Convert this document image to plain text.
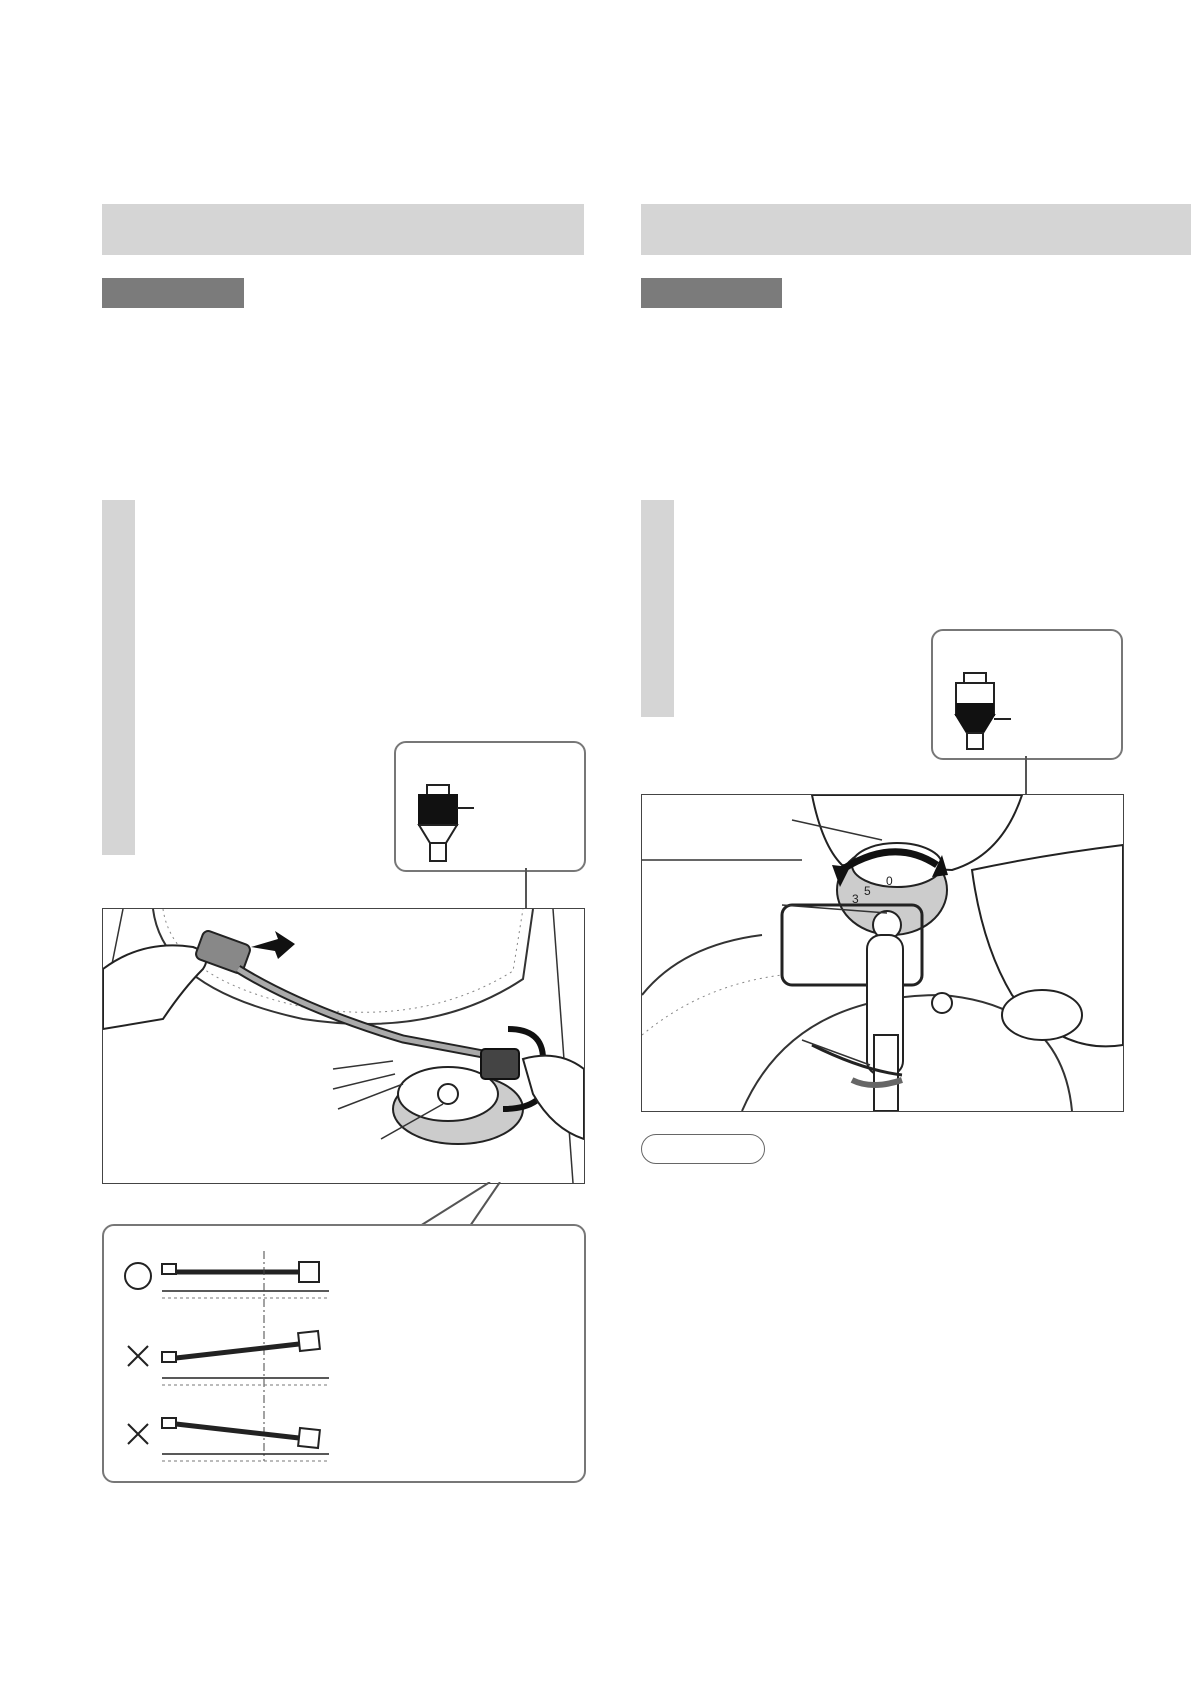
3
5
0
